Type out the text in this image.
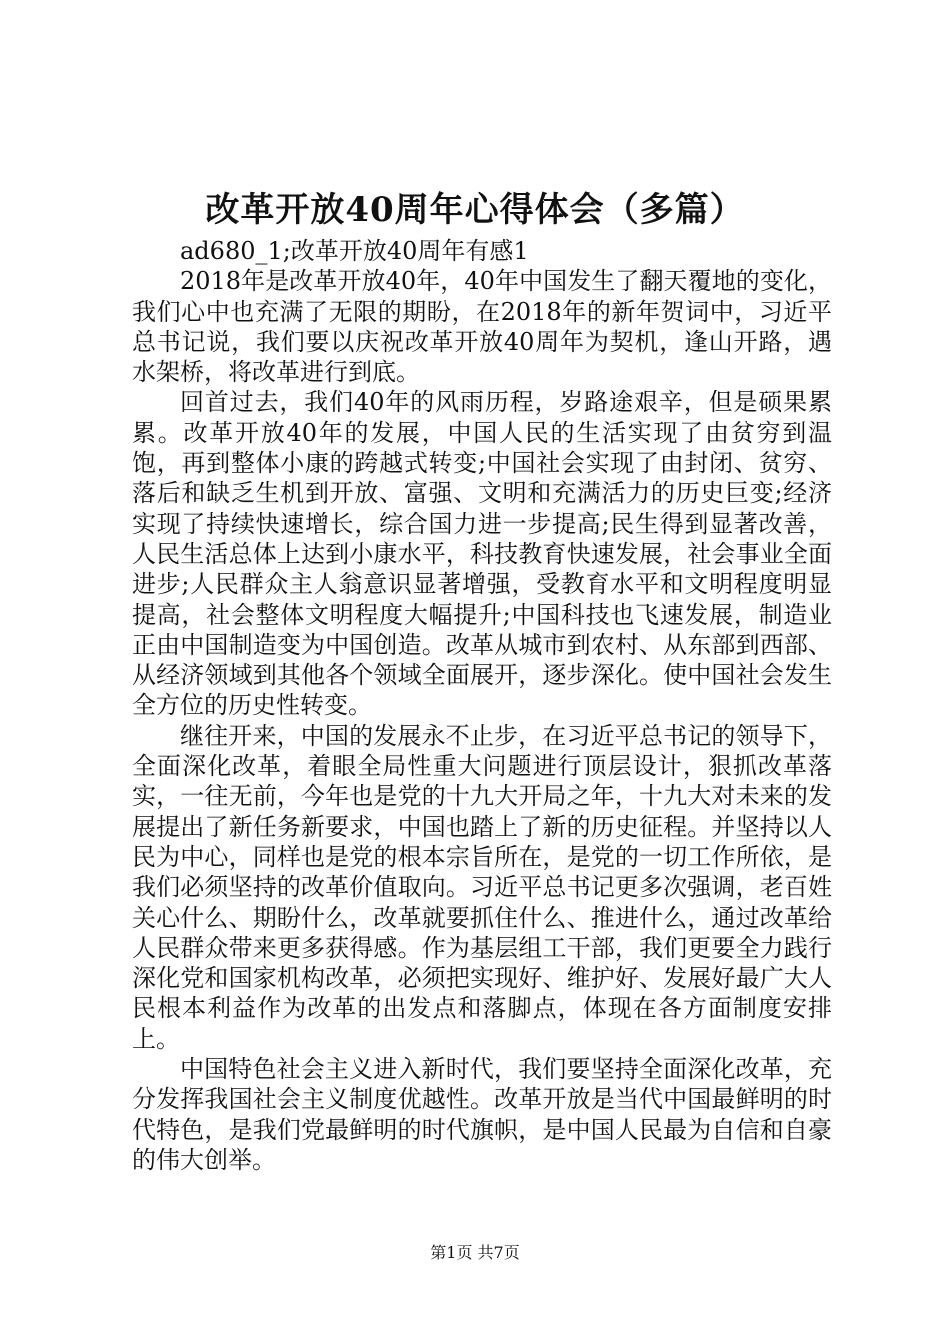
改革开放40周年心得体会（多篇）

ad680_1;改革开放40周年有感1

2018年是改革开放40年，40年中国发生了翻天覆地的变化，我们心中也充满了无限的期盼，在2018年的新年贺词中，习近平总书记说，我们要以庆祝改革开放40周年为契机，逢山开路，遇水架桥，将改革进行到底。

回首过去，我们40年的风雨历程，岁路途艰辛，但是硕果累累。改革开放40年的发展，中国人民的生活实现了由贫穷到温饱，再到整体小康的跨越式转变;中国社会实现了由封闭、贫穷、落后和缺乏生机到开放、富强、文明和充满活力的历史巨变;经济实现了持续快速增长，综合国力进一步提高;民生得到显著改善，人民生活总体上达到小康水平，科技教育快速发展，社会事业全面进步;人民群众主人翁意识显著增强，受教育水平和文明程度明显提高，社会整体文明程度大幅提升;中国科技也飞速发展，制造业正由中国制造变为中国创造。改革从城市到农村、从东部到西部、从经济领域到其他各个领域全面展开，逐步深化。使中国社会发生全方位的历史性转变。

继往开来，中国的发展永不止步，在习近平总书记的领导下，全面深化改革，着眼全局性重大问题进行顶层设计，狠抓改革落实，一往无前，今年也是党的十九大开局之年，十九大对未来的发展提出了新任务新要求，中国也踏上了新的历史征程。并坚持以人民为中心，同样也是党的根本宗旨所在，是党的一切工作所依，是我们必须坚持的改革价值取向。习近平总书记更多次强调，老百姓关心什么、期盼什么，改革就要抓住什么、推进什么，通过改革给人民群众带来更多获得感。作为基层组工干部，我们更要全力践行深化党和国家机构改革，必须把实现好、维护好、发展好最广大人民根本利益作为改革的出发点和落脚点，体现在各方面制度安排上。

中国特色社会主义进入新时代，我们要坚持全面深化改革，充分发挥我国社会主义制度优越性。改革开放是当代中国最鲜明的时代特色，是我们党最鲜明的时代旗帜，是中国人民最为自信和自豪的伟大创举。

第1页 共7页
